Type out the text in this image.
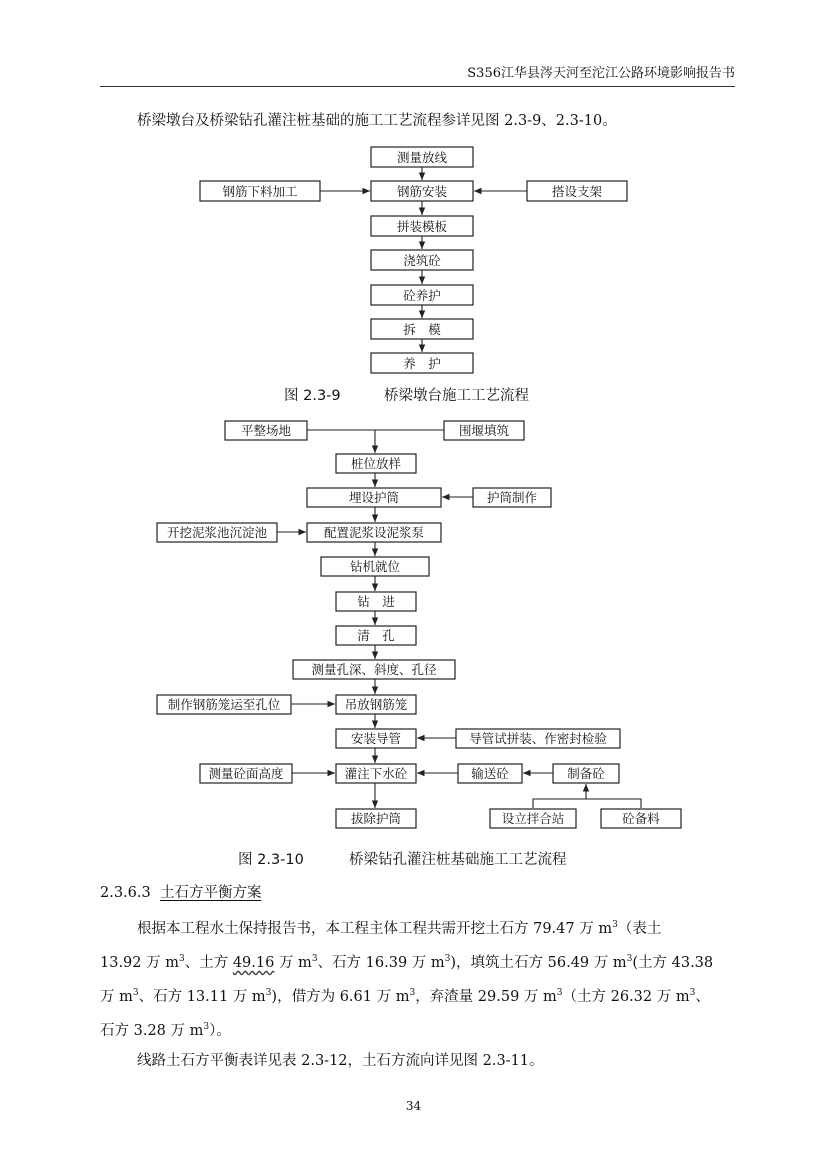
S356江华县涔天河至沱江公路环境影响报告书
桥梁墩台及桥梁钻孔灌注桩基础的施工工艺流程参详见图 2.3-9、2.3-10。
测量放线
钢筋安装
拼装模板
浇筑砼
砼养护
拆　模
养　护
钢筋下料加工	搭设支架
平整场地	围堰填筑
桩位放样
埋设护筒
配置泥浆设泥浆泵
钻机就位
钻　进
清　孔
测量孔深、斜度、孔径
吊放钢筋笼
安装导管
灌注下水砼
拔除护筒
护筒制作
开挖泥浆池沉淀池
制作钢筋笼运至孔位
导管试拼装、作密封检验
测量砼面高度	输送砼	制备砼
设立拌合站	砼备料
图 2.3-9	桥梁墩台施工工艺流程
图 2.3-10	桥梁钻孔灌注桩基础施工工艺流程
2.3.6.3 土石方平衡方案
根据本工程水土保持报告书，本工程主体工程共需开挖土石方 79.47 万 $m^3$（表土
13.92 万 $m^3$、土方 49.16 万 $m^3$、石方 16.39 万 $m^3$)，填筑土石方 56.49 万 $m^3$(土方 43.38
万 $m^3$、石方 13.11 万 $m^3$)，借方为 6.61 万 $m^3$，弃渣量 29.59 万 $m^3$（土方 26.32 万 $m^3$、
石方 3.28 万 $m^3$）。
线路土石方平衡表详见表 2.3-12，土石方流向详见图 2.3-11。
34
